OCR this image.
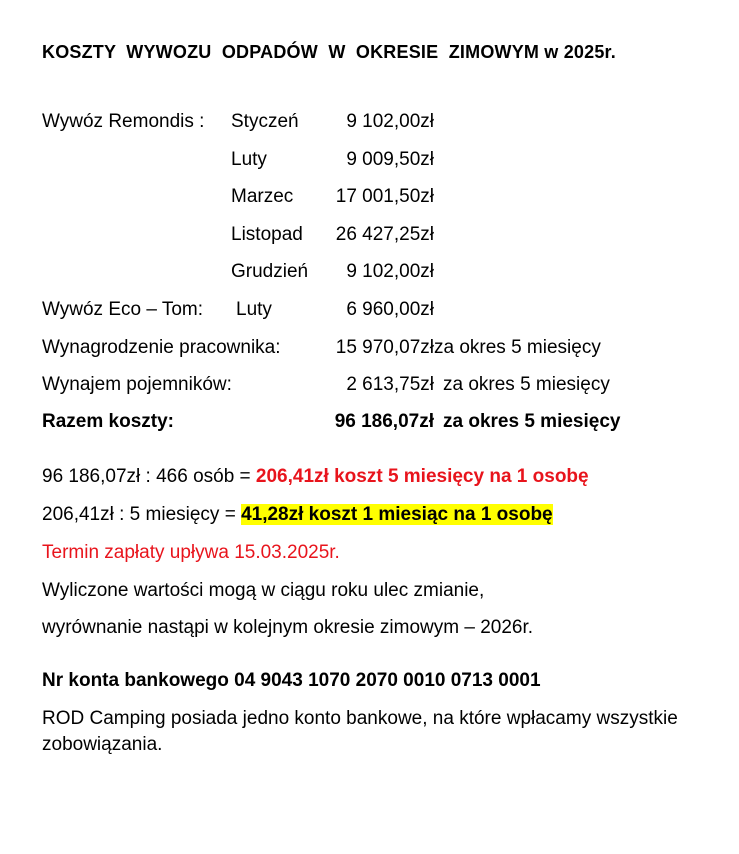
KOSZTY  WYWOZU  ODPADÓW  W  OKRESIE  ZIMOWYM w 2025r.
Wywóz Remondis : Styczeń	9 102,00zł
Luty	9 009,50zł
Marzec 17 001,50zł
Listopad 26 427,25zł
Grudzień 9 102,00zł
Wywóz Eco – Tom: Luty	6 960,00zł
Wynagrodzenie pracownika:	15 970,07zł za okres 5 miesięcy
Wynajem pojemników:	2 613,75zł za okres 5 miesięcy
Razem koszty:	96 186,07zł za okres 5 miesięcy
96 186,07zł : 466 osób = 206,41zł koszt 5 miesięcy na 1 osobę
206,41zł : 5 miesięcy = 41,28zł koszt 1 miesiąc na 1 osobę
Termin zapłaty upływa 15.03.2025r.
Wyliczone wartości mogą w ciągu roku ulec zmianie,
wyrównanie nastąpi w kolejnym okresie zimowym – 2026r.
Nr konta bankowego 04 9043 1070 2070 0010 0713 0001
ROD Camping posiada jedno konto bankowe, na które wpłacamy wszystkie zobowiązania.
